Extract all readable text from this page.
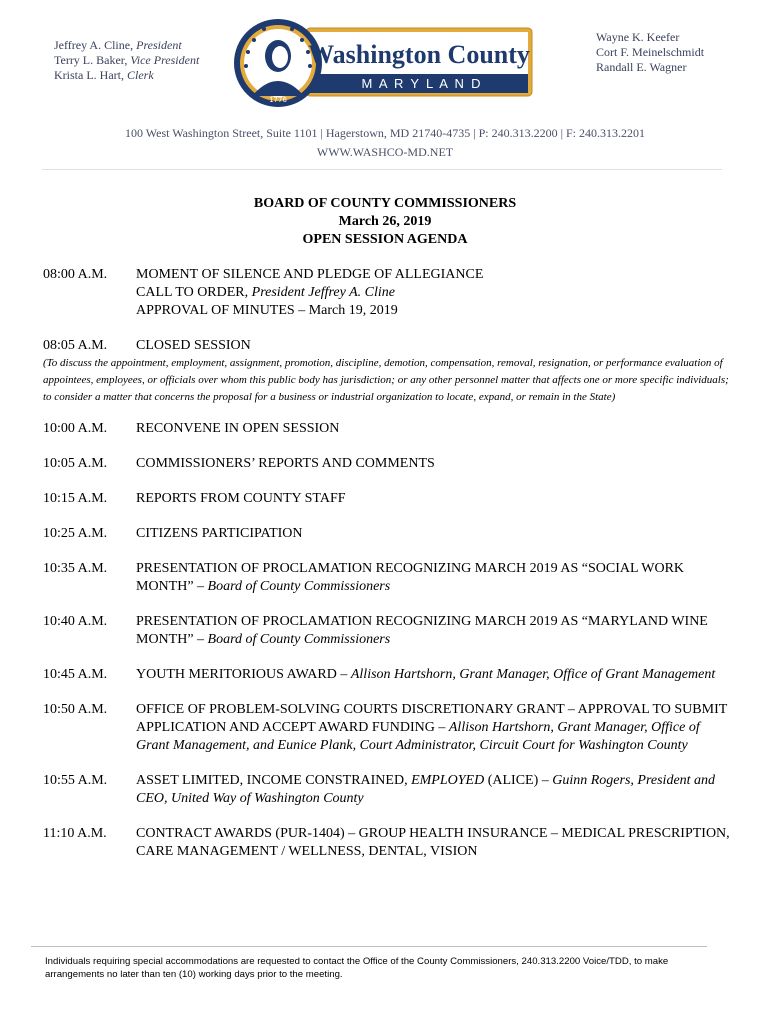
Jeffrey A. Cline, President
Terry L. Baker, Vice President
Krista L. Hart, Clerk
1776
Washington County
M  A  R  Y  L  A  N  D
Wayne K. Keefer
Cort F. Meinelschmidt
Randall E. Wagner
100 West Washington Street, Suite 1101 | Hagerstown, MD 21740-4735 | P: 240.313.2200 | F: 240.313.2201
WWW.WASHCO-MD.NET
BOARD OF COUNTY COMMISSIONERS
March 26, 2019
OPEN SESSION AGENDA
08:00 A.M.	MOMENT OF SILENCE AND PLEDGE OF ALLEGIANCE
CALL TO ORDER, President Jeffrey A. Cline
APPROVAL OF MINUTES – March 19, 2019
08:05 A.M.	CLOSED SESSION
(To discuss the appointment, employment, assignment, promotion, discipline, demotion, compensation, removal, resignation, or performance evaluation of appointees, employees, or officials over whom this public body has jurisdiction; or any other personnel matter that affects one or more specific individuals; to consider a matter that concerns the proposal for a business or industrial organization to locate, expand, or remain in the State)
10:00 A.M.	RECONVENE IN OPEN SESSION
10:05 A.M.	COMMISSIONERS’ REPORTS AND COMMENTS
10:15 A.M.	REPORTS FROM COUNTY STAFF
10:25 A.M.	CITIZENS PARTICIPATION
10:35 A.M.	PRESENTATION OF PROCLAMATION RECOGNIZING MARCH 2019 AS “SOCIAL WORK MONTH” – Board of County Commissioners
10:40 A.M.	PRESENTATION OF PROCLAMATION RECOGNIZING MARCH 2019 AS “MARYLAND WINE MONTH” – Board of County Commissioners
10:45 A.M.	YOUTH MERITORIOUS AWARD – Allison Hartshorn, Grant Manager, Office of Grant Management
10:50 A.M.	OFFICE OF PROBLEM-SOLVING COURTS DISCRETIONARY GRANT – APPROVAL TO SUBMIT APPLICATION AND ACCEPT AWARD FUNDING – Allison Hartshorn, Grant Manager, Office of Grant Management, and Eunice Plank, Court Administrator, Circuit Court for Washington County
10:55 A.M.	ASSET LIMITED, INCOME CONSTRAINED, EMPLOYED (ALICE) – Guinn Rogers, President and CEO, United Way of Washington County
11:10 A.M.	CONTRACT AWARDS (PUR-1404) – GROUP HEALTH INSURANCE – MEDICAL PRESCRIPTION, CARE MANAGEMENT / WELLNESS, DENTAL, VISION
Individuals requiring special accommodations are requested to contact the Office of the County Commissioners, 240.313.2200 Voice/TDD, to make arrangements no later than ten (10) working days prior to the meeting.
